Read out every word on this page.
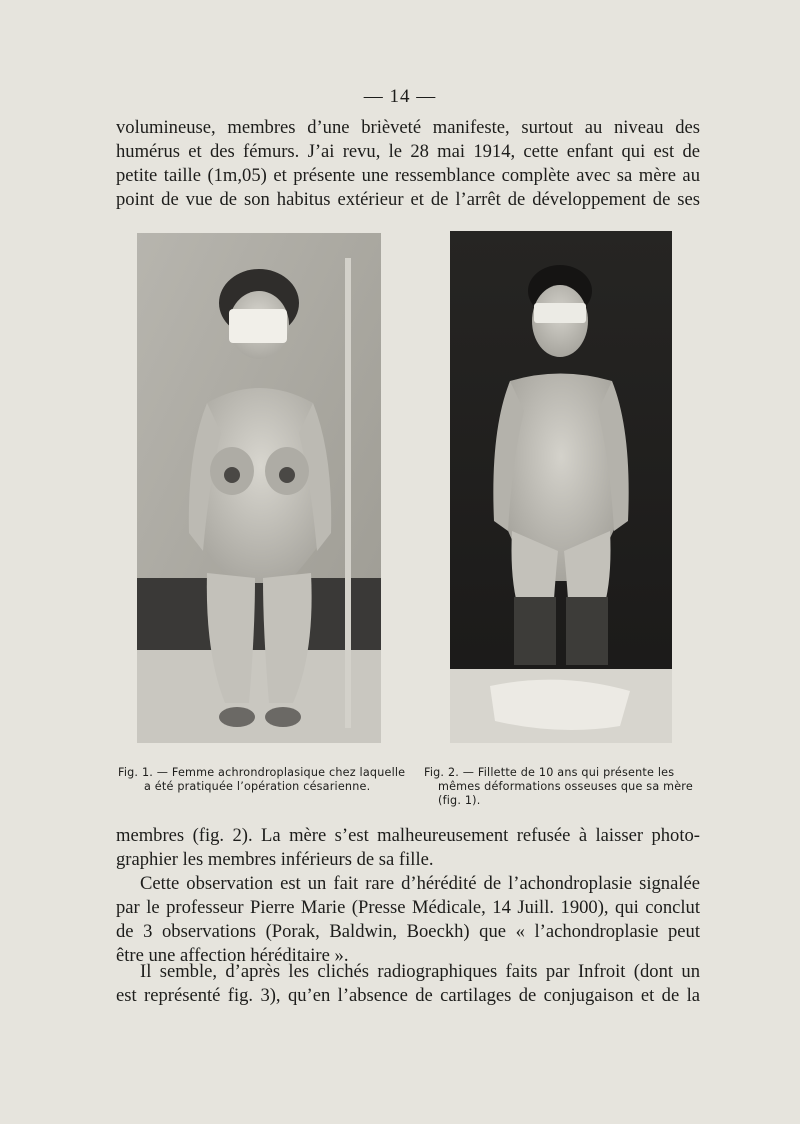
— 14 —

volumineuse, membres d’une brièveté manifeste, surtout au niveau des
humérus et des fémurs. J’ai revu, le 28 mai 1914, cette enfant qui est de
petite taille (1m,05) et présente une ressemblance complète avec sa mère au
point de vue de son habitus extérieur et de l’arrêt de développement de ses

Fig. 1. — Femme achrondroplasique chez laquelle
a été pratiquée l’opération césarienne.
Fig. 2. — Fillette de 10 ans qui présente les
mêmes déformations osseuses que sa mère
(fig. 1).

membres (fig. 2). La mère s’est malheureusement refusée à laisser photo-
graphier les membres inférieurs de sa fille.

Cette observation est un fait rare d’hérédité de l’achondroplasie signalée
par le professeur Pierre Marie (Presse Médicale, 14 Juill. 1900), qui conclut
de 3 observations (Porak, Baldwin, Boeckh) que « l’achondroplasie peut
être une affection héréditaire ».

Il semble, d’après les clichés radiographiques faits par Infroit (dont un
est représenté fig. 3), qu’en l’absence de cartilages de conjugaison et de la
